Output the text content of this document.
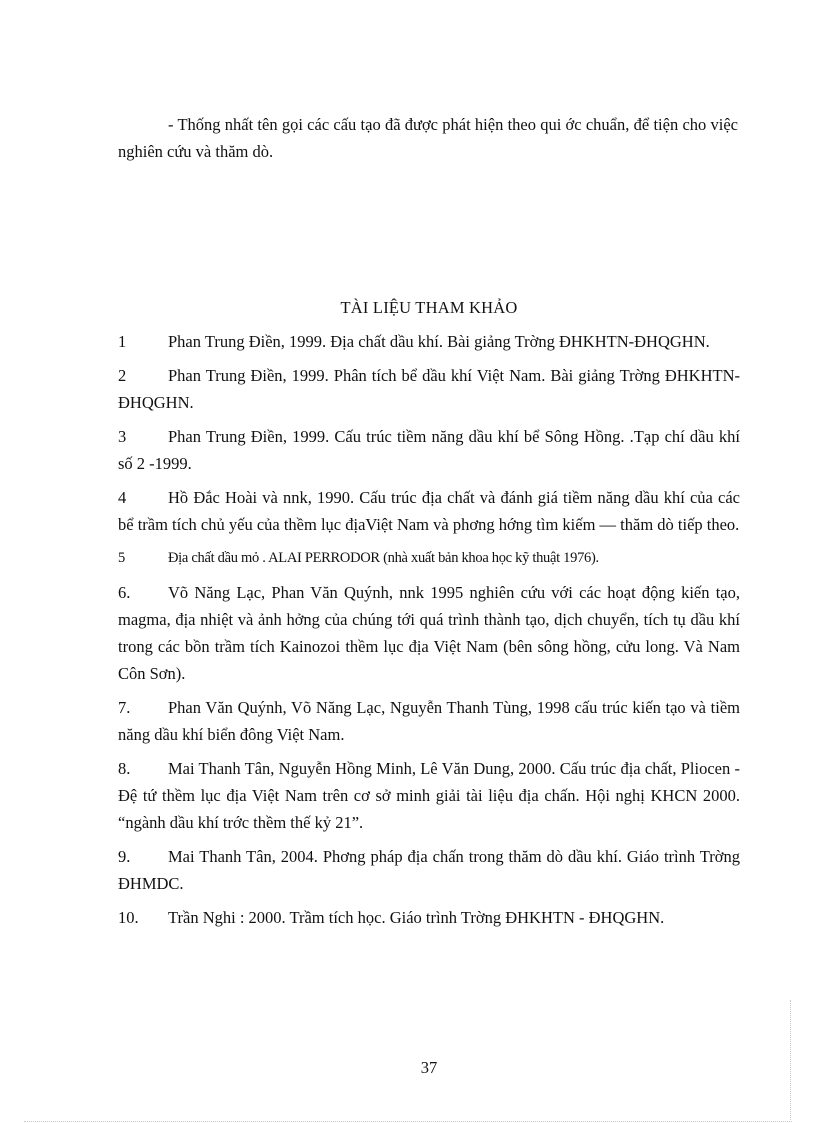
- Thống nhất tên gọi các cấu tạo đã được phát hiện theo qui ớc chuẩn, để tiện cho việc nghiên cứu và thăm dò.

TÀI LIỆU THAM KHẢO

1	Phan Trung Điền, 1999. Địa chất dầu khí. Bài giảng Trờng ĐHKHTN-ĐHQGHN.

2	Phan Trung Điền, 1999. Phân tích bể dầu khí Việt Nam. Bài giảng Trờng ĐHKHTN- ĐHQGHN.

3	Phan Trung Điền, 1999. Cấu trúc tiềm năng dầu khí bể Sông Hồng. .Tạp chí dầu khí số 2 -1999.

4	Hồ Đắc Hoài và nnk, 1990. Cấu trúc địa chất và đánh giá tiềm năng dầu khí của các bể trầm tích chủ yếu của thềm lục địaViệt Nam và phơng hớng tìm kiếm — thăm dò tiếp theo.

5	Địa chất dầu mỏ . ALAI PERRODOR (nhà xuất bản khoa học kỹ thuật 1976).

6. Võ Năng Lạc, Phan Văn Quýnh, nnk 1995 nghiên cứu với các hoạt động kiến tạo, magma, địa nhiệt và ảnh hởng của chúng tới quá trình thành tạo, dịch chuyển, tích tụ dầu khí trong các bồn trầm tích Kainozoi thềm lục địa Việt Nam (bên sông hồng, cửu long. Và Nam Côn Sơn).

7. Phan Văn Quýnh, Võ Năng Lạc, Nguyễn Thanh Tùng, 1998 cấu trúc kiến tạo và tiềm năng dầu khí biển đông Việt Nam.

8. Mai Thanh Tân, Nguyễn Hồng Minh, Lê Văn Dung, 2000. Cấu trúc địa chất, Pliocen - Đệ tứ thềm lục địa Việt Nam trên cơ sở minh giải tài liệu địa chấn. Hội nghị KHCN 2000. “ngành dầu khí trớc thềm thế kỷ 21”.

9. Mai Thanh Tân, 2004. Phơng pháp địa chấn trong thăm dò dầu khí. Giáo trình Trờng ĐHMDC.

10. Trần Nghi : 2000. Trầm tích học. Giáo trình Trờng ĐHKHTN - ĐHQGHN.

37
